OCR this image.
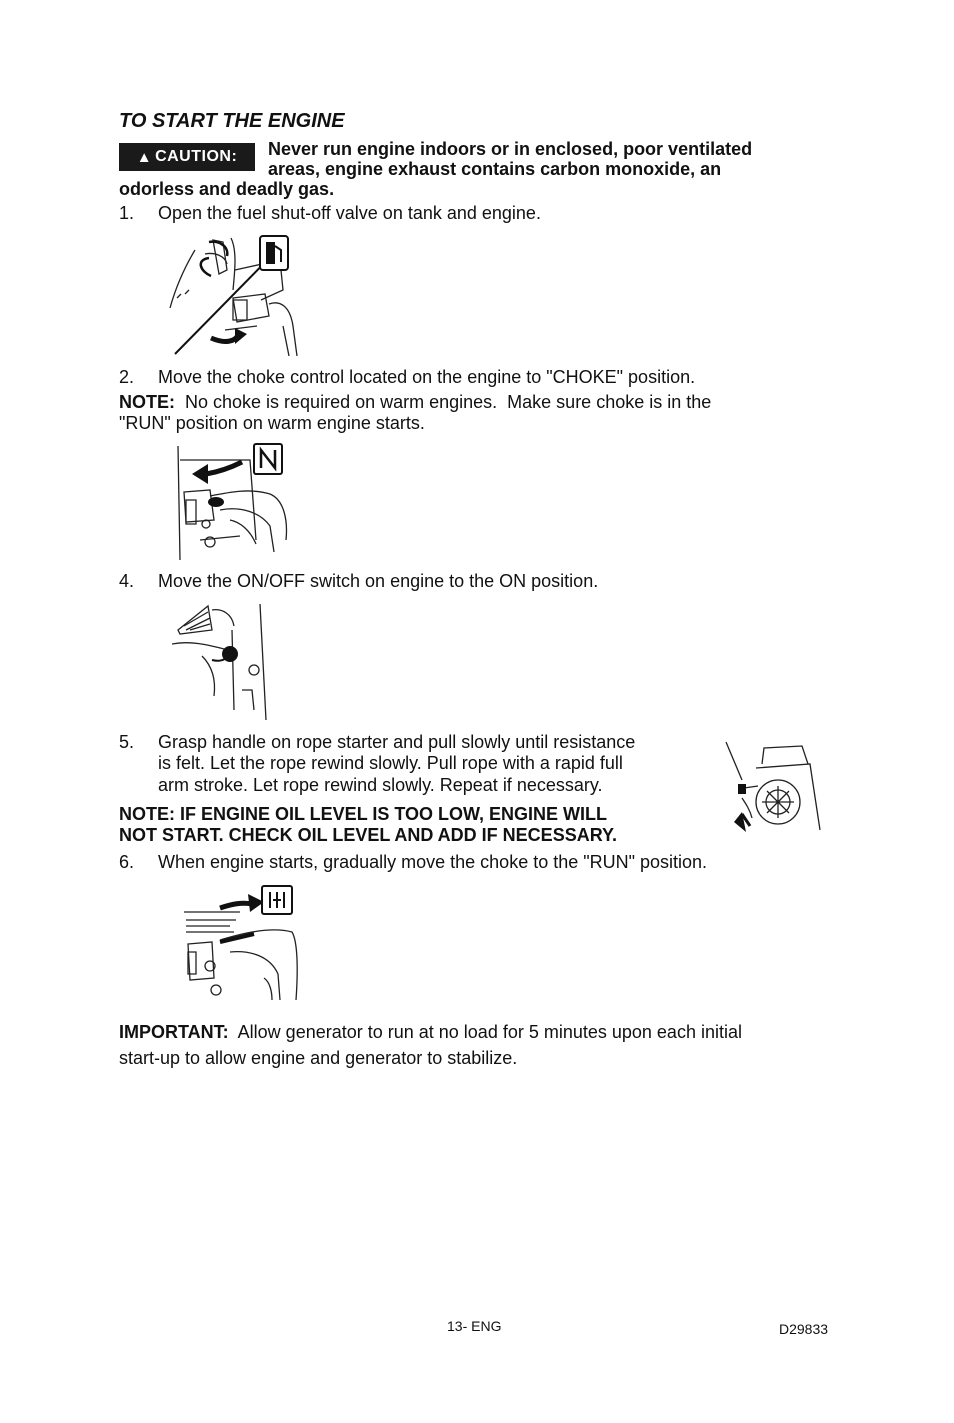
TO START THE ENGINE
▲ CAUTION:	Never run engine indoors or in enclosed, poor ventilated
areas, engine exhaust contains carbon monoxide, an
odorless and deadly gas.
1. Open the fuel shut-off valve on tank and engine.
2. Move the choke control located on the engine to "CHOKE" position.
NOTE:  No choke is required on warm engines.  Make sure choke is in the
"RUN" position on warm engine starts.
4. Move the ON/OFF switch on engine to the ON position.
5. Grasp handle on rope starter and pull slowly until resistance
is felt. Let the rope rewind slowly. Pull rope with a rapid full
arm stroke. Let rope rewind slowly. Repeat if necessary.
NOTE: IF ENGINE OIL LEVEL IS TOO LOW, ENGINE WILL
NOT START. CHECK OIL LEVEL AND ADD IF NECESSARY.
6. When engine starts, gradually move the choke to the "RUN" position.
IMPORTANT:  Allow generator to run at no load for 5 minutes upon each initial
start-up to allow engine and generator to stabilize.
13- ENG	D29833
